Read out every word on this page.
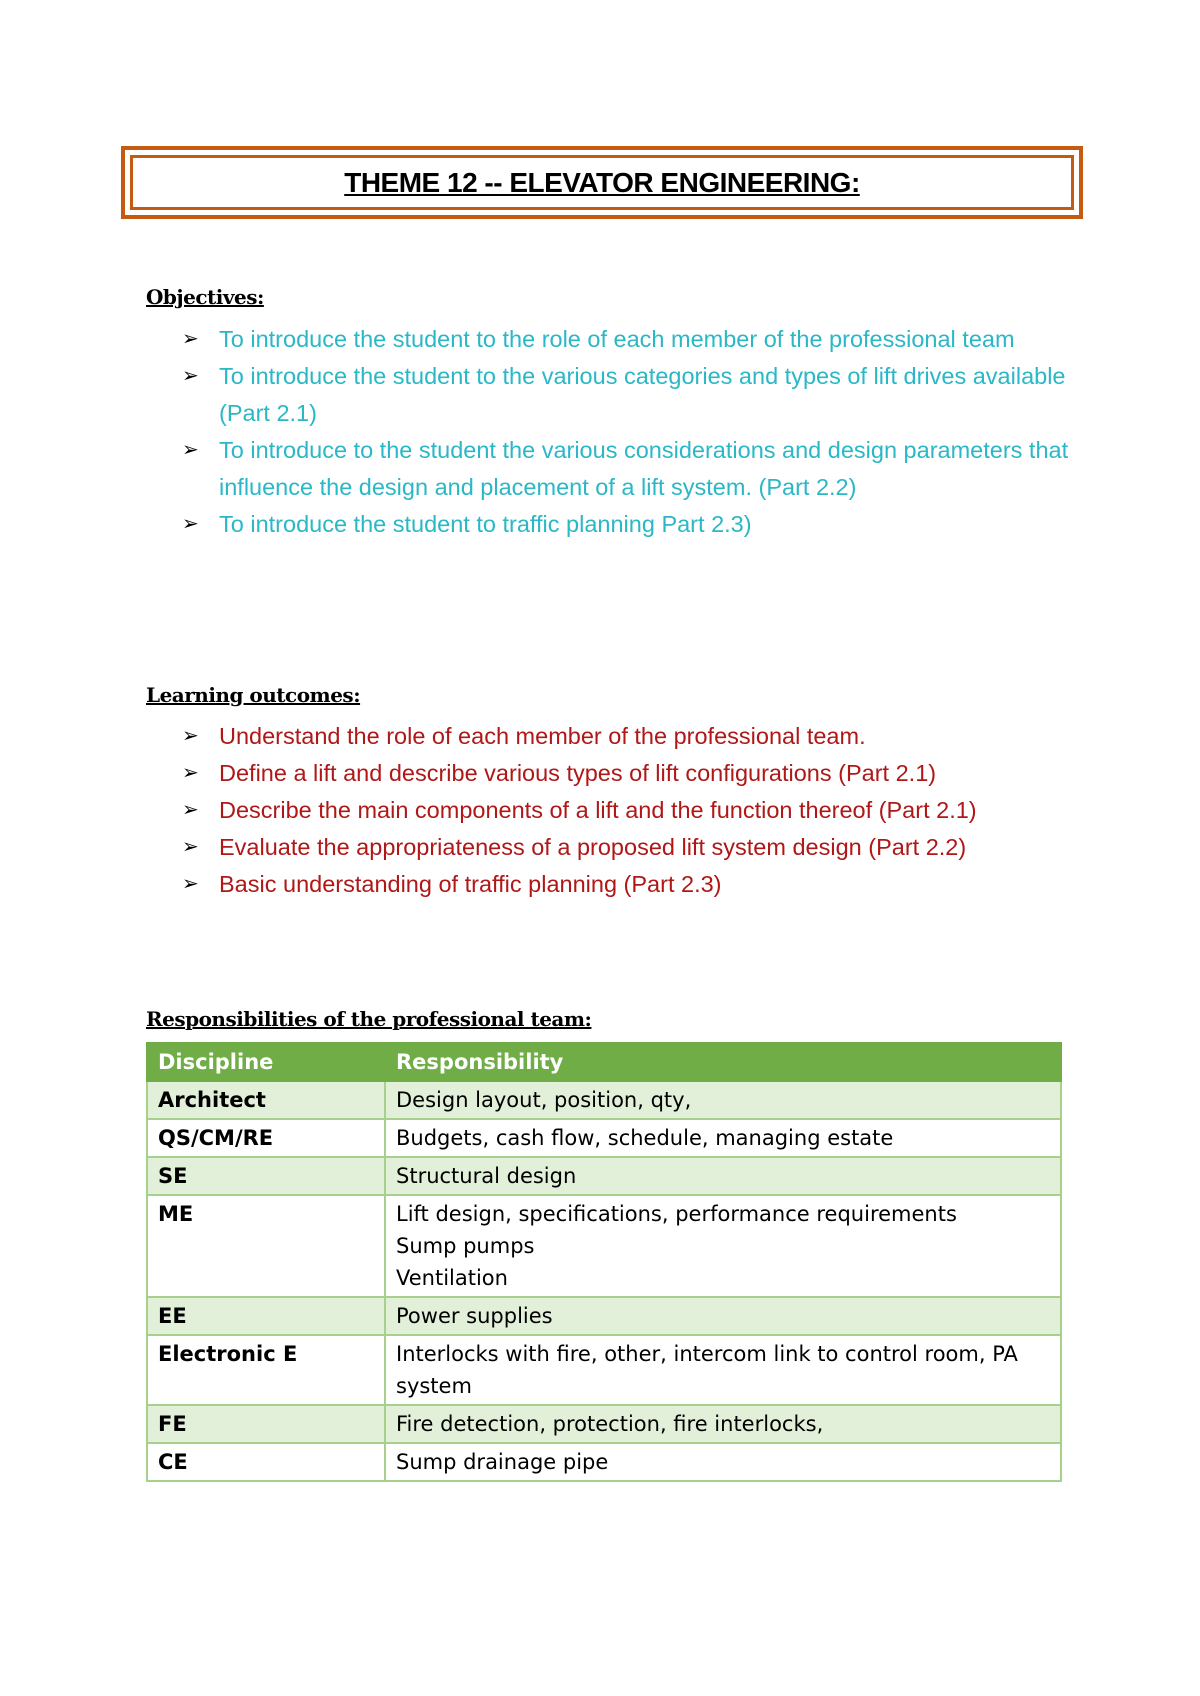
THEME 12 -- ELEVATOR ENGINEERING:
Objectives:
➢ To introduce the student to the role of each member of the professional team
➢ To introduce the student to the various categories and types of lift drives available (Part 2.1)
➢ To introduce to the student the various considerations and design parameters that influence the design and placement of a lift system. (Part 2.2)
➢ To introduce the student to traffic planning Part 2.3)
Learning outcomes:
➢ Understand the role of each member of the professional team.
➢ Define a lift and describe various types of lift configurations (Part 2.1)
➢ Describe the main components of a lift and the function thereof (Part 2.1)
➢ Evaluate the appropriateness of a proposed lift system design (Part 2.2)
➢ Basic understanding of traffic planning (Part 2.3)
Responsibilities of the professional team:
Discipline	Responsibility
Architect	Design layout, position, qty,

QS/CM/RE	Budgets, cash flow, schedule, managing estate

SE	Structural design

ME	Lift design, specifications, performance requirements
Sump pumps
Ventilation

EE	Power supplies

Electronic E	Interlocks with fire, other, intercom link to control room, PA system

FE	Fire detection, protection, fire interlocks,

CE	Sump drainage pipe
